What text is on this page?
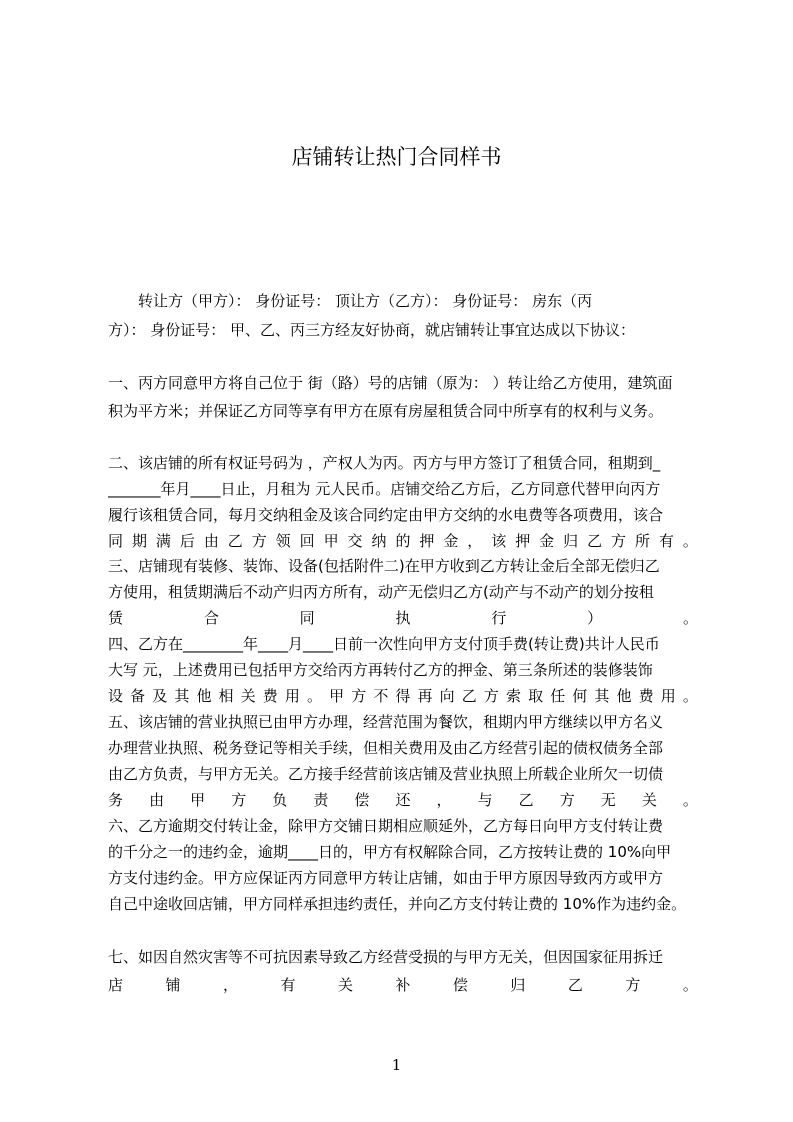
店铺转让热门合同样书
　　转让方（甲方）： 身份证号： 顶让方（乙方）： 身份证号： 房东（丙
方）： 身份证号： 甲、乙、丙三方经友好协商，就店铺转让事宜达成以下协议：
一、丙方同意甲方将自己位于 街（路）号的店铺（原为： ）转让给乙方使用，建筑面
积为平方米；并保证乙方同等享有甲方在原有房屋租赁合同中所享有的权利与义务。
二、该店铺的所有权证号码为 ，产权人为丙。丙方与甲方签订了租赁合同，租期到_
_______年月____日止，月租为 元人民币。店铺交给乙方后，乙方同意代替甲向丙方
履行该租赁合同，每月交纳租金及该合同约定由甲方交纳的水电费等各项费用，该合
同 期 满 后 由 乙 方 领 回 甲 交 纳 的 押 金 ， 该 押 金 归 乙 方 所 有 。
三、店铺现有装修、装饰、设备(包括附件二)在甲方收到乙方转让金后全部无偿归乙
方使用，租赁期满后不动产归丙方所有，动产无偿归乙方(动产与不动产的划分按租
赁	合	同	执	行	）	。
四、乙方在________年____月____日前一次性向甲方支付顶手费(转让费)共计人民币
大写 元，上述费用已包括甲方交给丙方再转付乙方的押金、第三条所述的装修装饰
设 备 及 其 他 相 关 费 用 。 甲 方 不 得 再 向 乙 方 索 取 任 何 其 他 费 用 。
五、该店铺的营业执照已由甲方办理，经营范围为餐饮，租期内甲方继续以甲方名义
办理营业执照、税务登记等相关手续，但相关费用及由乙方经营引起的债权债务全部
由乙方负责，与甲方无关。乙方接手经营前该店铺及营业执照上所载企业所欠一切债
务 由 甲 方 负 责 偿 还 ， 与 乙 方 无 关 。
六、乙方逾期交付转让金，除甲方交铺日期相应顺延外，乙方每日向甲方支付转让费
的千分之一的违约金，逾期____日的，甲方有权解除合同，乙方按转让费的 10%向甲
方支付违约金。甲方应保证丙方同意甲方转让店铺，如由于甲方原因导致丙方或甲方
自己中途收回店铺，甲方同样承担违约责任，并向乙方支付转让费的 10%作为违约金。
七、如因自然灾害等不可抗因素导致乙方经营受损的与甲方无关，但因国家征用拆迁
店	铺	，	有	关	补	偿	归	乙	方	。
1
